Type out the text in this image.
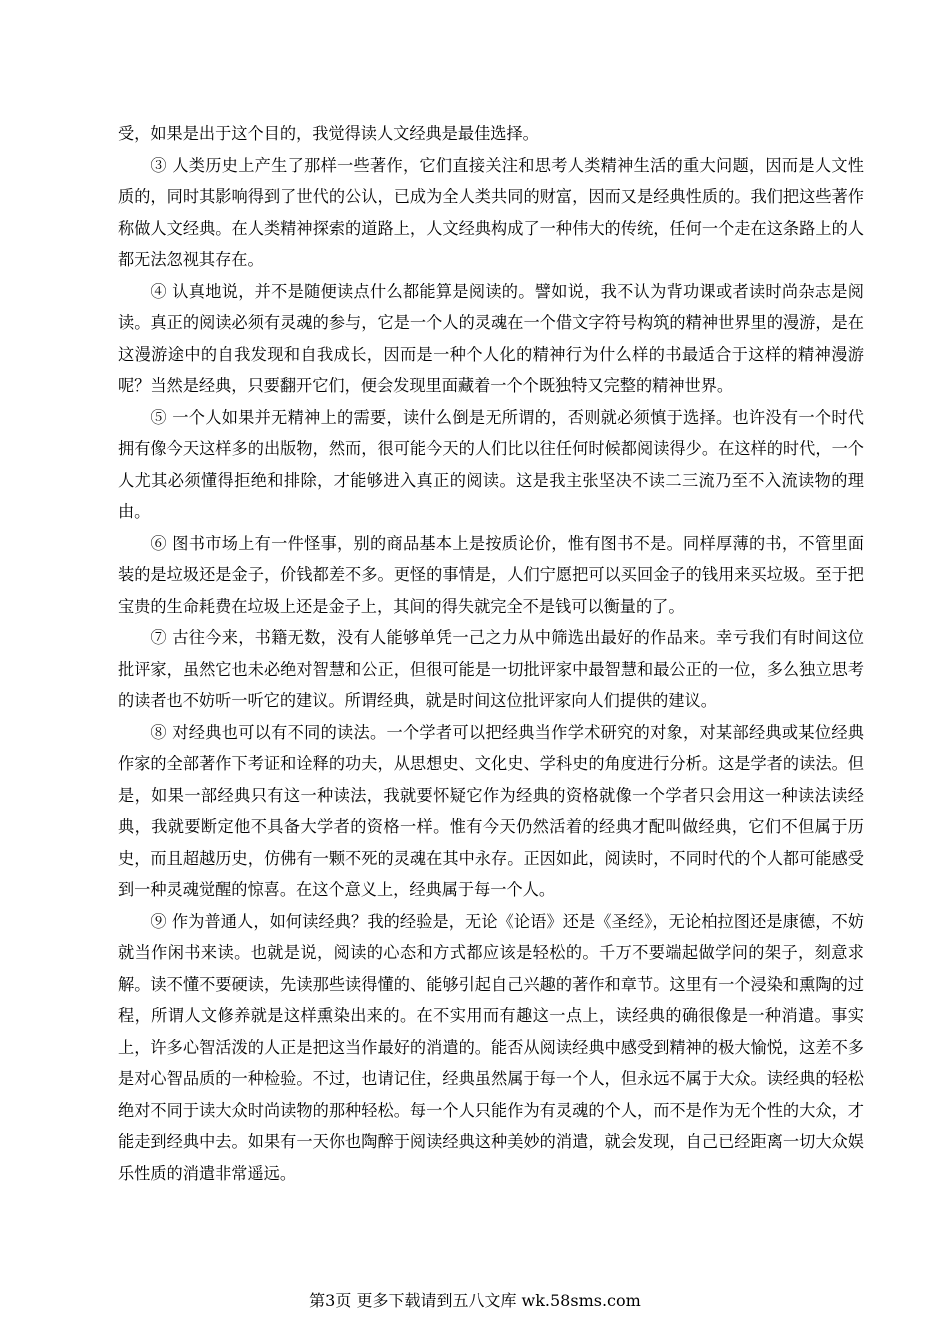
受，如果是出于这个目的，我觉得读人文经典是最佳选择。

③ 人类历史上产生了那样一些著作，它们直接关注和思考人类精神生活的重大问题，因而是人文性质的，同时其影响得到了世代的公认，已成为全人类共同的财富，因而又是经典性质的。我们把这些著作称做人文经典。在人类精神探索的道路上，人文经典构成了一种伟大的传统，任何一个走在这条路上的人都无法忽视其存在。

④ 认真地说，并不是随便读点什么都能算是阅读的。譬如说，我不认为背功课或者读时尚杂志是阅读。真正的阅读必须有灵魂的参与，它是一个人的灵魂在一个借文字符号构筑的精神世界里的漫游，是在这漫游途中的自我发现和自我成长，因而是一种个人化的精神行为什么样的书最适合于这样的精神漫游呢？当然是经典，只要翻开它们，便会发现里面藏着一个个既独特又完整的精神世界。

⑤ 一个人如果并无精神上的需要，读什么倒是无所谓的，否则就必须慎于选择。也许没有一个时代拥有像今天这样多的出版物，然而，很可能今天的人们比以往任何时候都阅读得少。在这样的时代，一个人尤其必须懂得拒绝和排除，才能够进入真正的阅读。这是我主张坚决不读二三流乃至不入流读物的理由。

⑥ 图书市场上有一件怪事，别的商品基本上是按质论价，惟有图书不是。同样厚薄的书，不管里面装的是垃圾还是金子，价钱都差不多。更怪的事情是，人们宁愿把可以买回金子的钱用来买垃圾。至于把宝贵的生命耗费在垃圾上还是金子上，其间的得失就完全不是钱可以衡量的了。

⑦ 古往今来，书籍无数，没有人能够单凭一己之力从中筛选出最好的作品来。幸亏我们有时间这位批评家，虽然它也未必绝对智慧和公正，但很可能是一切批评家中最智慧和最公正的一位，多么独立思考的读者也不妨听一听它的建议。所谓经典，就是时间这位批评家向人们提供的建议。

⑧ 对经典也可以有不同的读法。一个学者可以把经典当作学术研究的对象，对某部经典或某位经典作家的全部著作下考证和诠释的功夫，从思想史、文化史、学科史的角度进行分析。这是学者的读法。但是，如果一部经典只有这一种读法，我就要怀疑它作为经典的资格就像一个学者只会用这一种读法读经典，我就要断定他不具备大学者的资格一样。惟有今天仍然活着的经典才配叫做经典，它们不但属于历史，而且超越历史，仿佛有一颗不死的灵魂在其中永存。正因如此，阅读时，不同时代的个人都可能感受到一种灵魂觉醒的惊喜。在这个意义上，经典属于每一个人。

⑨ 作为普通人，如何读经典？我的经验是，无论《论语》还是《圣经》，无论柏拉图还是康德，不妨就当作闲书来读。也就是说，阅读的心态和方式都应该是轻松的。千万不要端起做学问的架子，刻意求解。读不懂不要硬读，先读那些读得懂的、能够引起自己兴趣的著作和章节。这里有一个浸染和熏陶的过程，所谓人文修养就是这样熏染出来的。在不实用而有趣这一点上，读经典的确很像是一种消遣。事实上，许多心智活泼的人正是把这当作最好的消遣的。能否从阅读经典中感受到精神的极大愉悦，这差不多是对心智品质的一种检验。不过，也请记住，经典虽然属于每一个人，但永远不属于大众。读经典的轻松绝对不同于读大众时尚读物的那种轻松。每一个人只能作为有灵魂的个人，而不是作为无个性的大众，才能走到经典中去。如果有一天你也陶醉于阅读经典这种美妙的消遣，就会发现，自己已经距离一切大众娱乐性质的消遣非常遥远。

第3页 更多下载请到五八文库 wk.58sms.com
